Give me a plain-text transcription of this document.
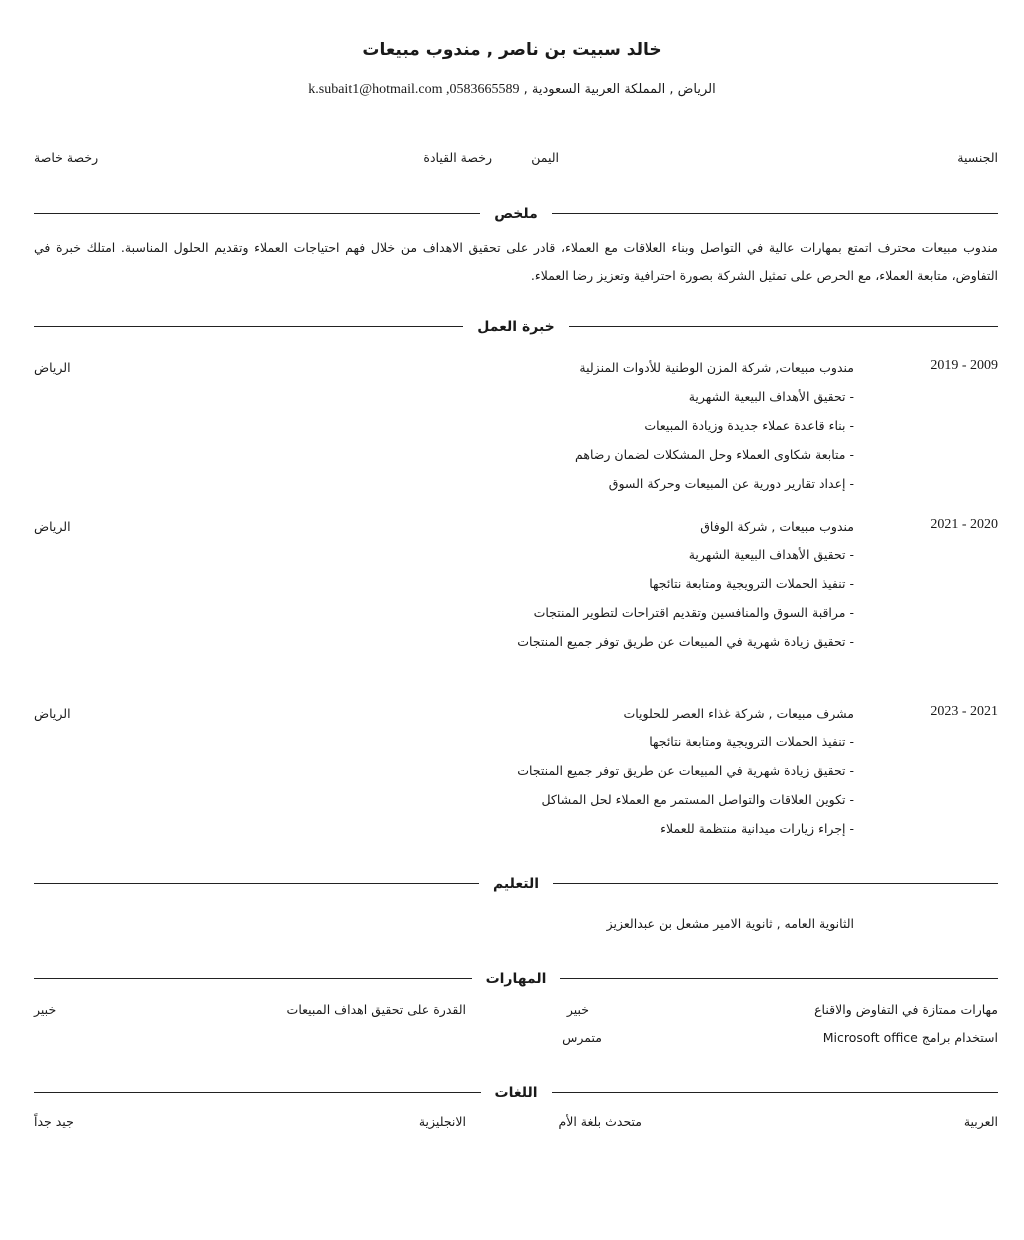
خالد سبيت بن ناصر , مندوب مبيعات
الرياض , المملكة العربية السعودية , k.subait1@hotmail.com ,0583665589
الجنسية
اليمن
رخصة القيادة
رخصة خاصة
ملخص
مندوب مبيعات محترف اتمتع بمهارات عالية في التواصل وبناء العلاقات مع العملاء، قادر على تحقيق الاهداف من خلال فهم احتياجات العملاء وتقديم الحلول المناسبة. امتلك خبرة في التفاوض، متابعة العملاء، مع الحرص على تمثيل الشركة بصورة احترافية وتعزيز رضا العملاء.
خبرة العمل
2019 - 2009
مندوب مبيعات, شركة المزن الوطنية للأدوات المنزلية
الرياض
- تحقيق الأهداف البيعية الشهرية
- بناء قاعدة عملاء جديدة وزيادة المبيعات
- متابعة شكاوى العملاء وحل المشكلات لضمان رضاهم
- إعداد تقارير دورية عن المبيعات وحركة السوق
2021 - 2020
مندوب مبيعات , شركة الوفاق
الرياض
- تحقيق الأهداف البيعية الشهرية
- تنفيذ الحملات الترويجية ومتابعة نتائجها
- مراقبة السوق والمنافسين وتقديم اقتراحات لتطوير المنتجات
- تحقيق زيادة شهرية في المبيعات عن طريق توفر جميع المنتجات
2023 - 2021
مشرف مبيعات , شركة غذاء العصر للحلويات
الرياض
- تنفيذ الحملات الترويجية ومتابعة نتائجها
- تحقيق زيادة شهرية في المبيعات عن طريق توفر جميع المنتجات
- تكوين العلاقات والتواصل المستمر مع العملاء لحل المشاكل
- إجراء زيارات ميدانية منتظمة للعملاء
التعليم
الثانوية العامه , ثانوية الامير مشعل بن عبدالعزيز
المهارات
مهارات ممتازة في التفاوض والاقناع
خبير
القدرة على تحقيق اهداف المبيعات
خبير
استخدام برامج Microsoft office
متمرس
اللغات
العربية
متحدث بلغة الأم
الانجليزية
جيد جداً
